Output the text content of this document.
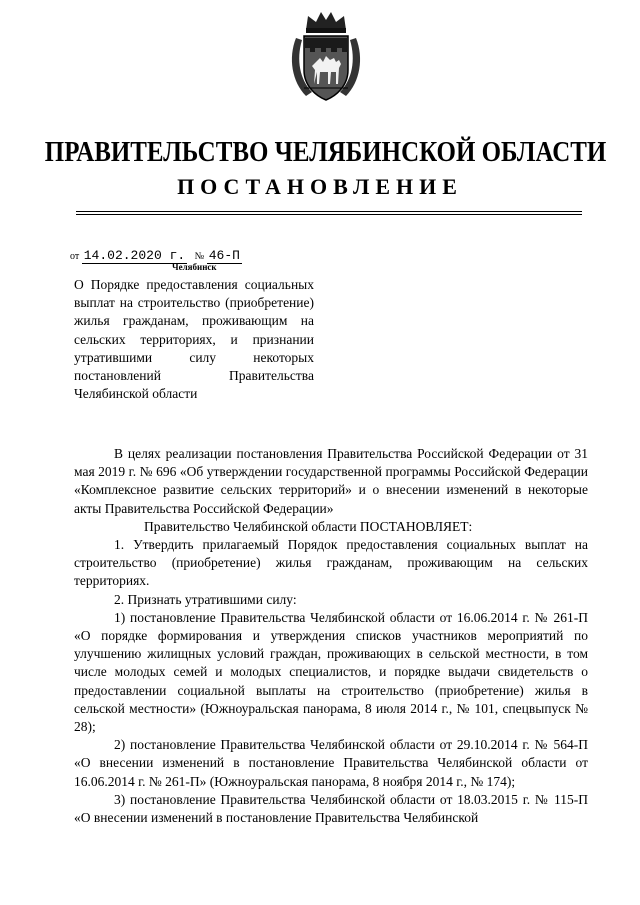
ПРАВИТЕЛЬСТВО ЧЕЛЯБИНСКОЙ ОБЛАСТИ
ПОСТАНОВЛЕНИЕ
от 14.02.2020 г. № 46-П
Челябинск
О Порядке предоставления социальных выплат на строительство (приобретение) жилья гражданам, проживающим на сельских территориях, и признании утратившими силу некоторых постановлений Правительства Челябинской области

В целях реализации постановления Правительства Российской Федерации от 31 мая 2019 г. № 696 «Об утверждении государственной программы Российской Федерации «Комплексное развитие сельских территорий» и о внесении изменений в некоторые акты Правительства Российской Федерации»

Правительство Челябинской области ПОСТАНОВЛЯЕТ:

1. Утвердить прилагаемый Порядок предоставления социальных выплат на строительство (приобретение) жилья гражданам, проживающим на сельских территориях.

2. Признать утратившими силу:

1) постановление Правительства Челябинской области от 16.06.2014 г. № 261-П «О порядке формирования и утверждения списков участников мероприятий по улучшению жилищных условий граждан, проживающих в сельской местности, в том числе молодых семей и молодых специалистов, и порядке выдачи свидетельств о предоставлении социальной выплаты на строительство (приобретение) жилья в сельской местности» (Южноуральская панорама, 8 июля 2014 г., № 101, спецвыпуск № 28);

2) постановление Правительства Челябинской области от 29.10.2014 г. № 564-П «О внесении изменений в постановление Правительства Челябинской области от 16.06.2014 г. № 261-П» (Южноуральская панорама, 8 ноября 2014 г., № 174);

3) постановление Правительства Челябинской области от 18.03.2015 г. № 115-П «О внесении изменений в постановление Правительства Челябинской
